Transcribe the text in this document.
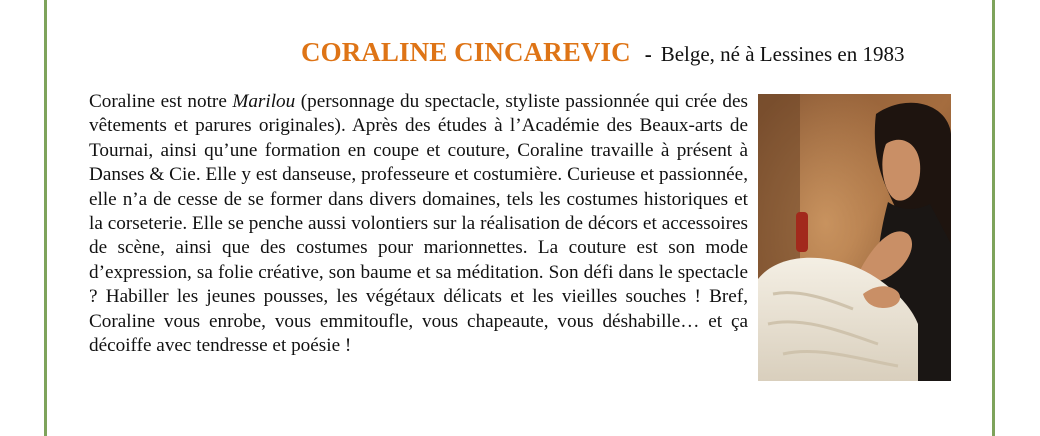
CORALINE CINCAREVIC - Belge, né à Lessines en 1983

Coraline est notre Marilou (personnage du spectacle, styliste passionnée qui crée des vêtements et parures originales). Après des études à l’Académie des Beaux-arts de Tournai, ainsi qu’une formation en coupe et couture, Coraline travaille à présent à Danses & Cie. Elle y est danseuse, professeure et costumière. Curieuse et passionnée, elle n’a de cesse de se former dans divers domaines, tels les costumes historiques et la corseterie. Elle se penche aussi volontiers sur la réalisation de décors et accessoires de scène, ainsi que des costumes pour marionnettes. La couture est son mode d’expression, sa folie créative, son baume et sa méditation. Son défi dans le spectacle ? Habiller les jeunes pousses, les végétaux délicats et les vieilles souches ! Bref, Coraline vous enrobe, vous emmitoufle, vous chapeaute, vous déshabille… et ça décoiffe avec tendresse et poésie !
